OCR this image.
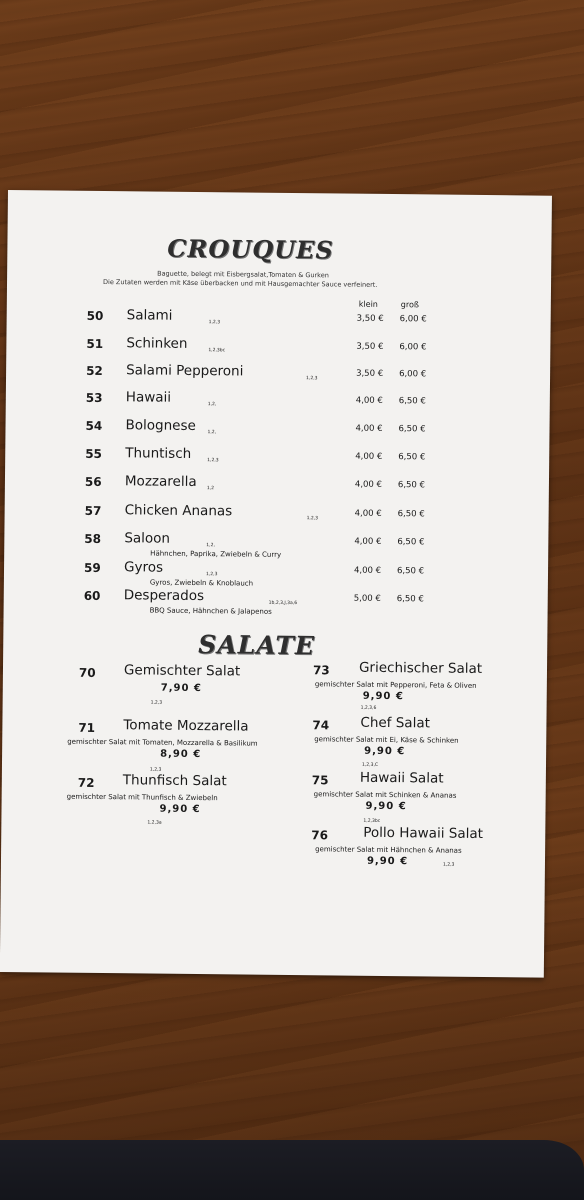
CROUQUES
Baguette, belegt mit Eisbergsalat,Tomaten & Gurken
Die Zutaten werden mit Käse überbacken und mit Hausgemachter Sauce verfeinert.
klein	groß
50 Salami	1,2,3	3,50 € 6,00 €
51 Schinken	1,2,3bc	3,50 € 6,00 €
52 Salami Pepperoni	1,2,3	3,50 € 6,00 €
53 Hawaii	1,2,	4,00 € 6,50 €
54 Bolognese	1,2,	4,00 € 6,50 €
55 Thuntisch	1,2,3	4,00 € 6,50 €
56 Mozzarella 1,2	4,00 € 6,50 €
57 Chicken Ananas	1,2,3	4,00 € 6,50 €
58 Saloon	1,2,	4,00 € 6,50 €
Hähnchen, Paprika, Zwiebeln & Curry
59 Gyros	1,2,3	4,00 € 6,50 €
Gyros, Zwiebeln & Knoblauch
60 Desperados	1b,2,3,J,3a,6	5,00 € 6,50 €
BBQ Sauce, Hähnchen & Jalapenos
SALATE
70 Gemischter Salat
7,90 €
1,2,3
71 Tomate Mozzarella
gemischter Salat mit Tomaten, Mozzarella & Basilikum
8,90 €
1,2,3
72 Thunfisch Salat
gemischter Salat mit Thunfisch & Zwiebeln
9,90 €
1,2,3a
73 Griechischer Salat
gemischter Salat mit Pepperoni, Feta & Oliven
9,90 €
1,2,3,6
74 Chef Salat
gemischter Salat mit Ei, Käse & Schinken
9,90 €
1,2,3,C
75 Hawaii Salat
gemischter Salat mit Schinken & Ananas
9,90 €
1,2,3bc
76	Pollo Hawaii Salat
gemischter Salat mit Hähnchen & Ananas
9,90 €	1,2,3
